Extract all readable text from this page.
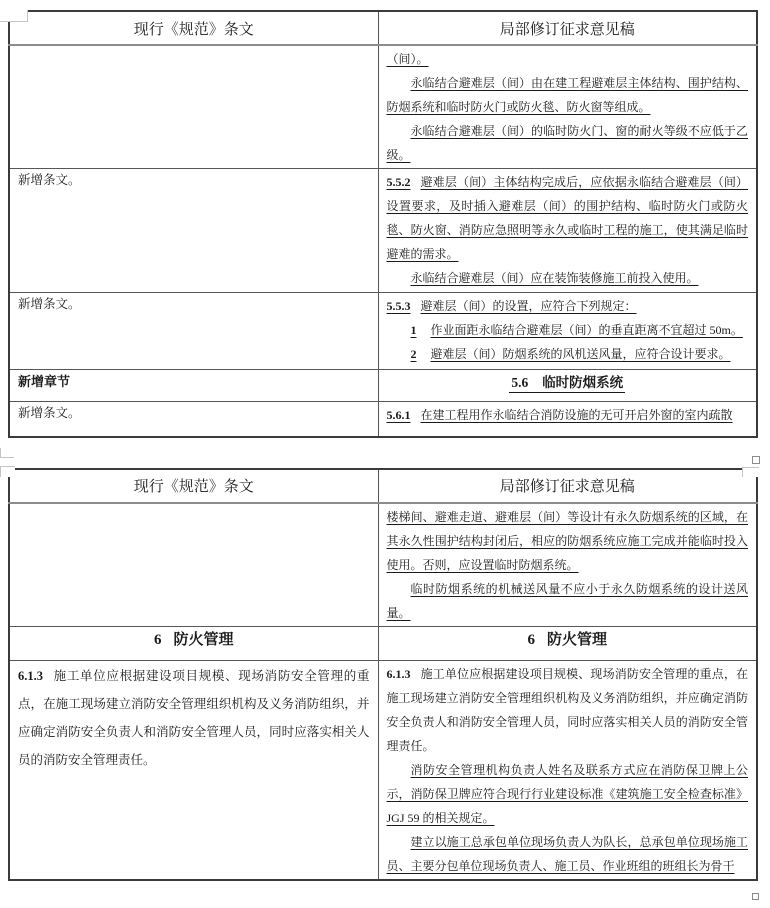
现行《规范》条文	局部修订征求意见稿

	（间）。

永临结合避难层（间）由在建工程避难层主体结构、围护结构、防烟系统和临时防火门或防火毯、防火窗等组成。

永临结合避难层（间）的临时防火门、窗的耐火等级不应低于乙级。

新增条文。	5.5.2 避难层（间）主体结构完成后，应依据永临结合避难层（间）设置要求，及时插入避难层（间）的围护结构、临时防火门或防火毯、防火窗、消防应急照明等永久或临时工程的施工，使其满足临时避难的需求。

永临结合避难层（间）应在装饰装修施工前投入使用。

新增条文。	5.5.3 避难层（间）的设置，应符合下列规定：

1 作业面距永临结合避难层（间）的垂直距离不宜超过 50m。

2 避难层（间）防烟系统的风机送风量，应符合设计要求。

新增章节	5.6 临时防烟系统
新增条文。	5.6.1 在建工程用作永临结合消防设施的无可开启外窗的室内疏散

现行《规范》条文	局部修订征求意见稿

	楼梯间、避难走道、避难层（间）等设计有永久防烟系统的区域，在其永久性围护结构封闭后，相应的防烟系统应施工完成并能临时投入使用。否则，应设置临时防烟系统。

临时防烟系统的机械送风量不应小于永久防烟系统的设计送风量。

6 防火管理	6 防火管理

6.1.3 施工单位应根据建设项目规模、现场消防安全管理的重点，在施工现场建立消防安全管理组织机构及义务消防组织，并应确定消防安全负责人和消防安全管理人员，同时应落实相关人员的消防安全管理责任。	6.1.3 施工单位应根据建设项目规模、现场消防安全管理的重点，在施工现场建立消防安全管理组织机构及义务消防组织，并应确定消防安全负责人和消防安全管理人员，同时应落实相关人员的消防安全管理责任。

消防安全管理机构负责人姓名及联系方式应在消防保卫牌上公示，消防保卫牌应符合现行行业建设标准《建筑施工安全检查标准》JGJ 59 的相关规定。

建立以施工总承包单位现场负责人为队长，总承包单位现场施工员、主要分包单位现场负责人、施工员、作业班组的班组长为骨干
